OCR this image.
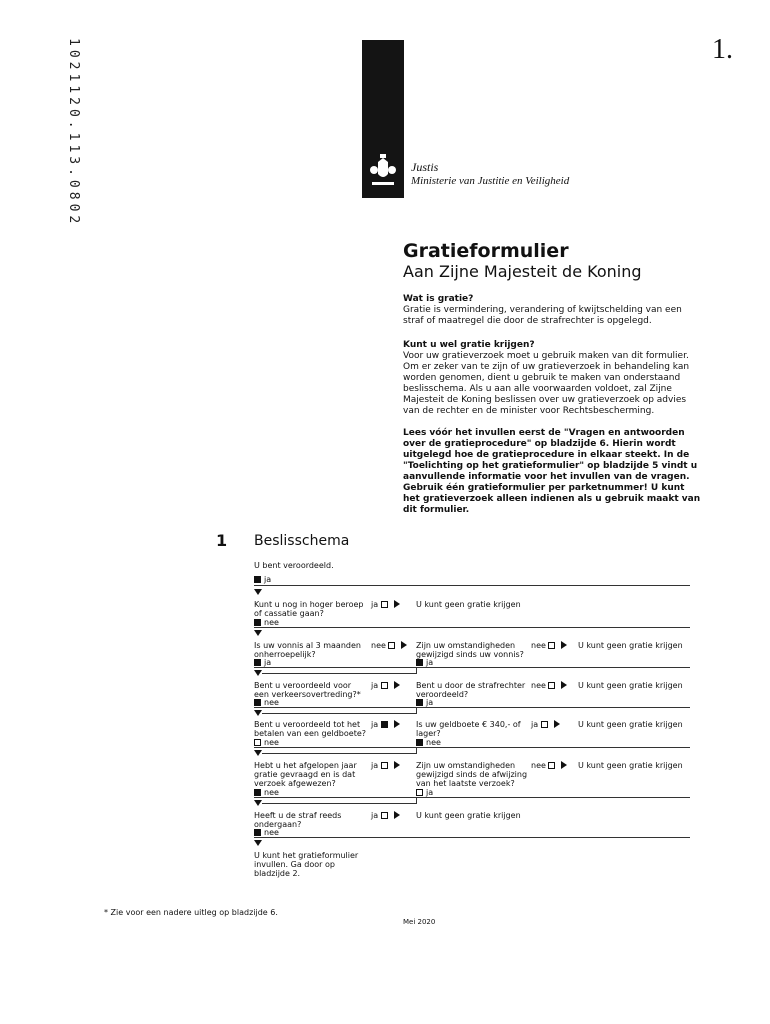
1021120.113.0802	1.
Justis
Ministerie van Justitie en Veiligheid
Gratieformulier
Aan Zijne Majesteit de Koning
Wat is gratie?
Gratie is vermindering, verandering of kwijtschelding van een straf of maatregel die door de strafrechter is opgelegd.
Kunt u wel gratie krijgen?
Voor uw gratieverzoek moet u gebruik maken van dit formulier. Om er zeker van te zijn of uw gratieverzoek in behandeling kan worden genomen, dient u gebruik te maken van onderstaand beslisschema. Als u aan alle voorwaarden voldoet, zal Zijne Majesteit de Koning beslissen over uw gratieverzoek op advies van de rechter en de minister voor Rechtsbescherming.
Lees vóór het invullen eerst de "Vragen en antwoorden over de gratieprocedure" op bladzijde 6. Hierin wordt uitgelegd hoe de gratieprocedure in elkaar steekt. In de "Toelichting op het gratieformulier" op bladzijde 5 vindt u aanvullende informatie voor het invullen van de vragen. Gebruik één gratieformulier per parketnummer! U kunt het gratieverzoek alleen indienen als u gebruik maakt van dit formulier.
1 Beslisschema
U bent veroordeeld.
ja
Kunt u nog in hoger beroep of cassatie gaan?
ja	U kunt geen gratie krijgen
nee
Is uw vonnis al 3 maanden onherroepelijk?
nee	Zijn uw omstandigheden gewijzigd sinds uw vonnis?
nee	U kunt geen gratie krijgen
ja	ja
Bent u veroordeeld voor een verkeersovertreding?*
ja	Bent u door de strafrechter veroordeeld?
nee	U kunt geen gratie krijgen
nee	ja
Bent u veroordeeld tot het betalen van een geldboete?
ja	Is uw geldboete € 340,- of lager?
ja	U kunt geen gratie krijgen
nee	nee
Hebt u het afgelopen jaar gratie gevraagd en is dat verzoek afgewezen?
ja	Zijn uw omstandigheden gewijzigd sinds de afwijzing van het laatste verzoek?
nee	U kunt geen gratie krijgen
nee	ja
Heeft u de straf reeds ondergaan?
ja	U kunt geen gratie krijgen
nee
U kunt het gratieformulier invullen. Ga door op bladzijde 2.
* Zie voor een nadere uitleg op bladzijde 6.
Mei 2020
